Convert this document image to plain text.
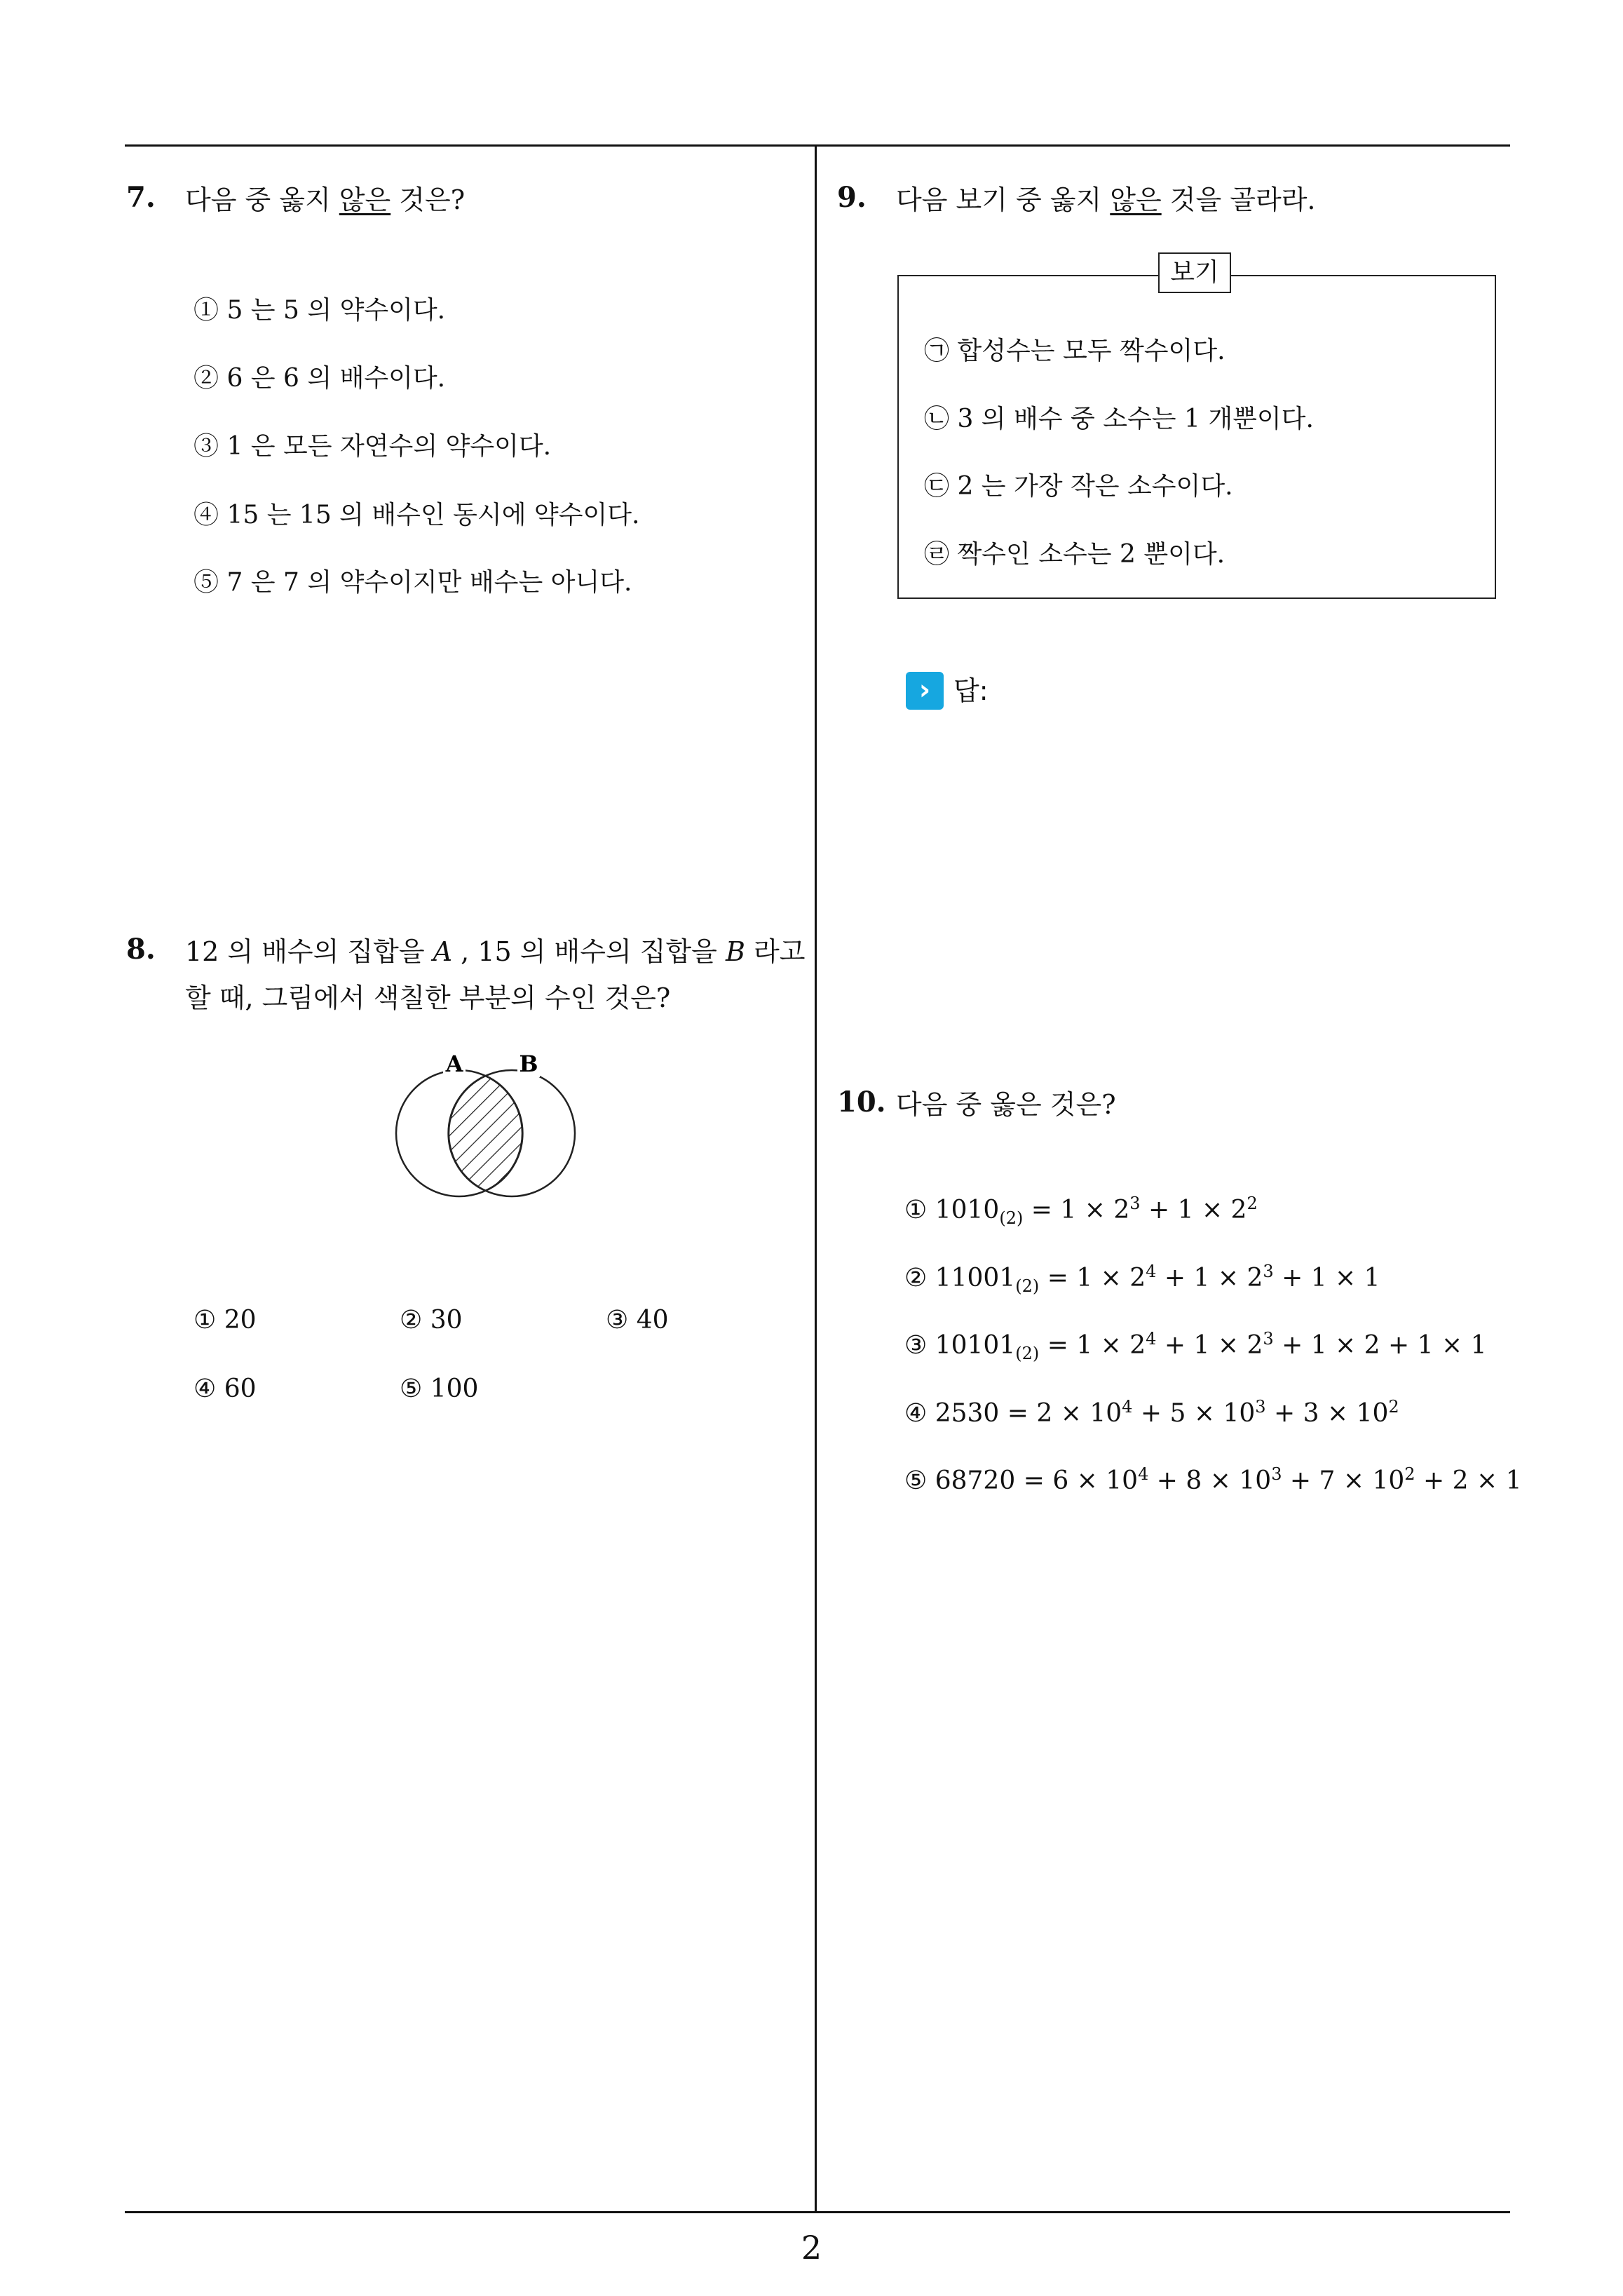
7. 다음 중 옳지 않은 것은?
① 5 는 5 의 약수이다.
② 6 은 6 의 배수이다.
③ 1 은 모든 자연수의 약수이다.
④ 15 는 15 의 배수인 동시에 약수이다.
⑤ 7 은 7 의 약수이지만 배수는 아니다.
8. 12 의 배수의 집합을 A , 15 의 배수의 집합을 B 라고
할 때, 그림에서 색칠한 부분의 수인 것은?
A	B
① 20	② 30	③ 40
④ 60	⑤ 100
9. 다음 보기 중 옳지 않은 것을 골라라.
보기
㉠ 합성수는 모두 짝수이다.
㉡ 3 의 배수 중 소수는 1 개뿐이다.
㉢ 2 는 가장 작은 소수이다.
㉣ 짝수인 소수는 2 뿐이다.
› 답:
10. 다음 중 옳은 것은?
① $1010_{(2)} = 1 \times 2^3 + 1 \times 2^2$
② $11001_{(2)} = 1 \times 2^4 + 1 \times 2^3 + 1 \times 1$
③ $10101_{(2)} = 1 \times 2^4 + 1 \times 2^3 + 1 \times 2 + 1 \times 1$
④ $2530 = 2 \times 10^4 + 5 \times 10^3 + 3 \times 10^2$
⑤ $68720 = 6 \times 10^4 + 8 \times 10^3 + 7 \times 10^2 + 2 \times 1$
2
